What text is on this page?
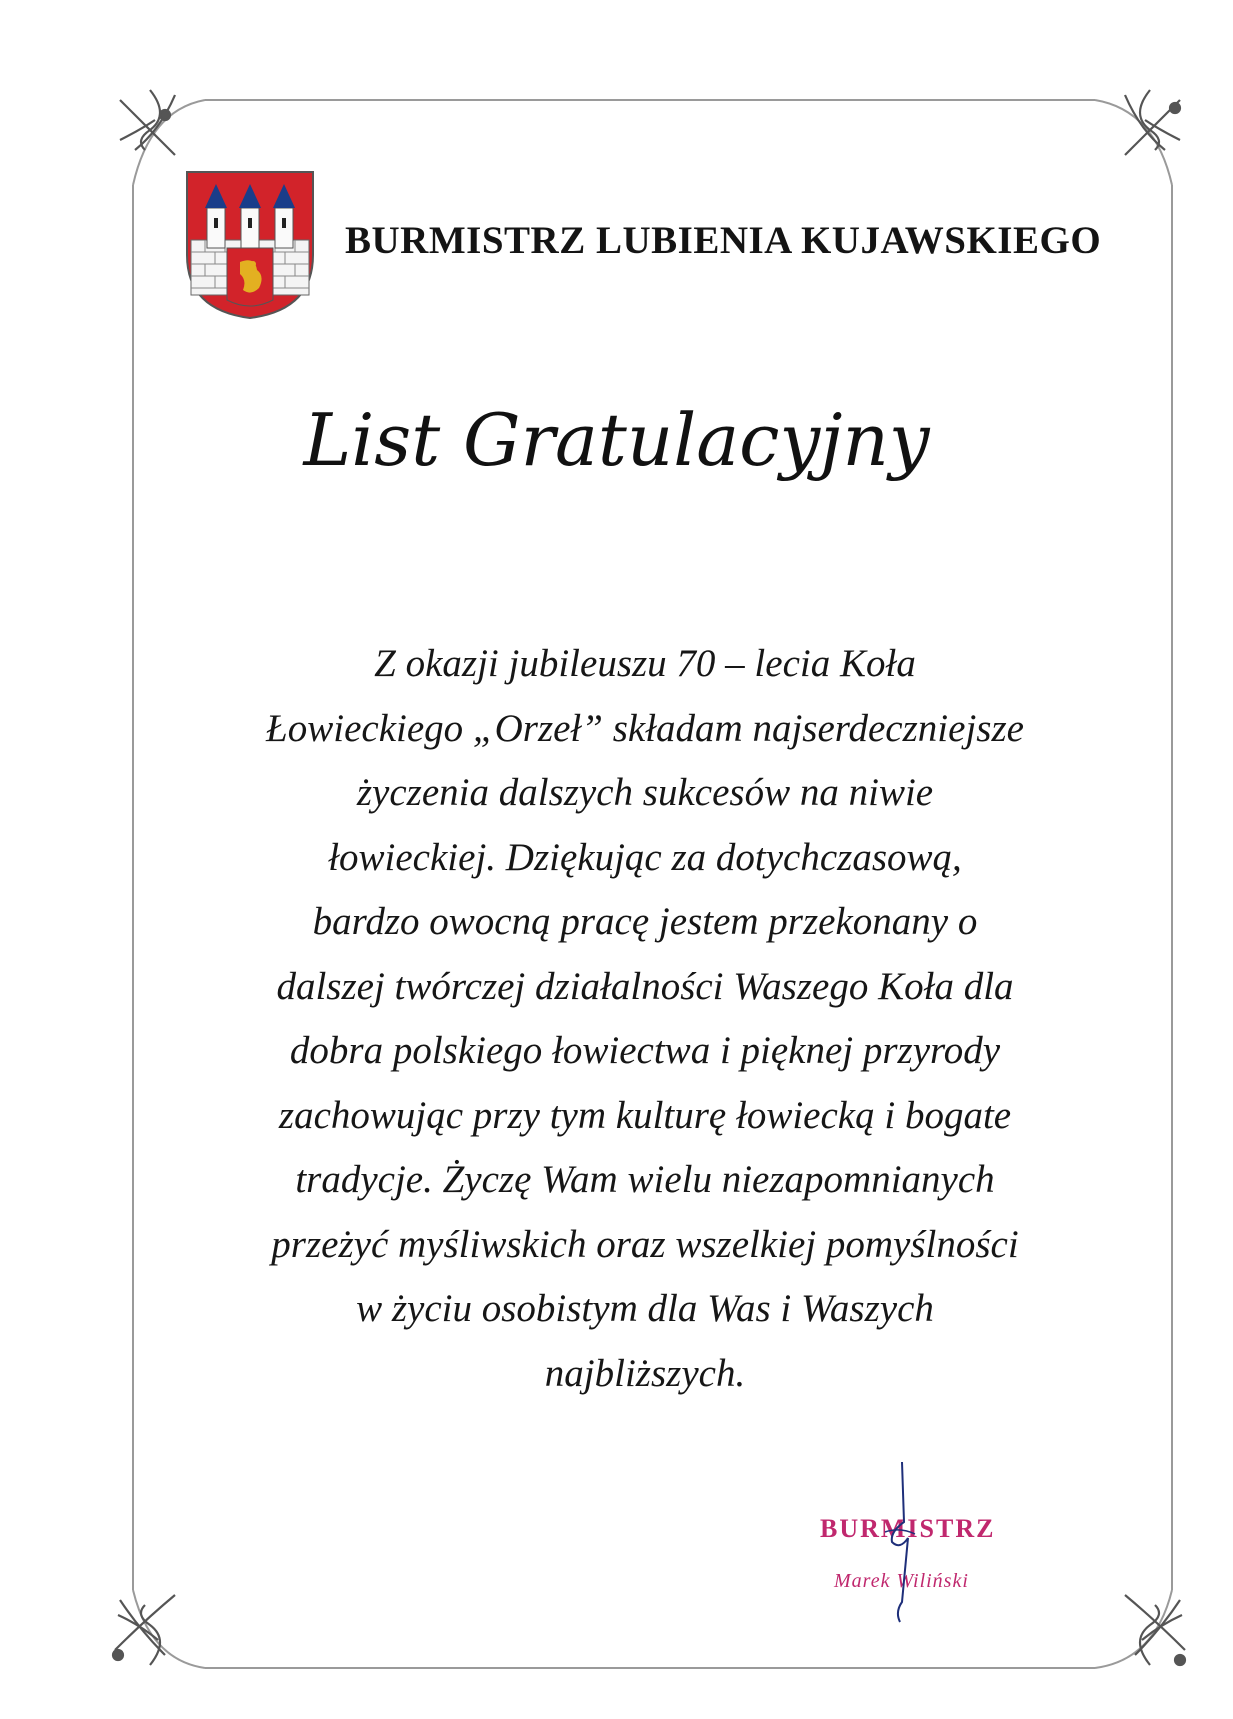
BURMISTRZ LUBIENIA KUJAWSKIEGO
List Gratulacyjny
Z okazji jubileuszu 70 – lecia Koła
Łowieckiego „Orzeł” składam najserdeczniejsze
życzenia dalszych sukcesów na niwie
łowieckiej. Dziękując za dotychczasową,
bardzo owocną pracę jestem przekonany o
dalszej twórczej działalności Waszego Koła dla
dobra polskiego łowiectwa i pięknej przyrody
zachowując przy tym kulturę łowiecką i bogate
tradycje. Życzę Wam wielu niezapomnianych
przeżyć myśliwskich oraz wszelkiej pomyślności
w życiu osobistym dla Was i Waszych
najbliższych.
BURMISTRZ
Marek Wiliński
